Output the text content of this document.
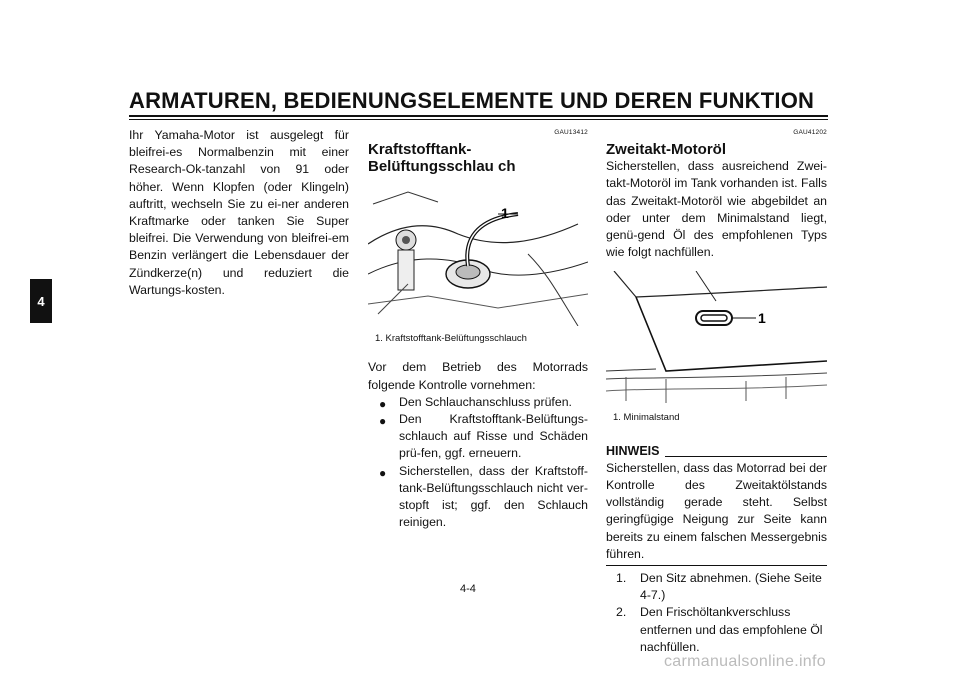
ARMATUREN, BEDIENUNGSELEMENTE UND DEREN FUNKTION
4

Ihr Yamaha-Motor ist ausgelegt für bleifrei-es Normalbenzin mit einer Research-Ok-tanzahl von 91 oder höher. Wenn Klopfen (oder Klingeln) auftritt, wechseln Sie zu ei-ner anderen Kraftmarke oder tanken Sie Super bleifrei. Die Verwendung von bleifrei-em Benzin verlängert die Lebensdauer der Zündkerze(n) und reduziert die Wartungs-kosten.

GAU13412

Kraftstofftank-Belüftungsschlau ch

1
1. Kraftstofftank-Belüftungsschlauch

Vor dem Betrieb des Motorrads folgende Kontrolle vornehmen:

● Den Schlauchanschluss prüfen.
● Den Kraftstofftank-Belüftungs-schlauch auf Risse und Schäden prü-fen, ggf. erneuern.
● Sicherstellen, dass der Kraftstoff-tank-Belüftungsschlauch nicht ver-stopft ist; ggf. den Schlauch reinigen.

GAU41202

Zweitakt-Motoröl

Sicherstellen, dass ausreichend Zwei-takt-Motoröl im Tank vorhanden ist. Falls das Zweitakt-Motoröl wie abgebildet an oder unter dem Minimalstand liegt, genü-gend Öl des empfohlenen Typs wie folgt nachfüllen.

1
1. Minimalstand

HINWEIS

Sicherstellen, dass das Motorrad bei der Kontrolle des Zweitaktölstands vollständig gerade steht. Selbst geringfügige Neigung zur Seite kann bereits zu einem falschen Messergebnis führen.

1. Den Sitz abnehmen. (Siehe Seite 4-7.)
2. Den Frischöltankverschluss entfernen und das empfohlene Öl nachfüllen.
4-4
carmanualsonline.info
